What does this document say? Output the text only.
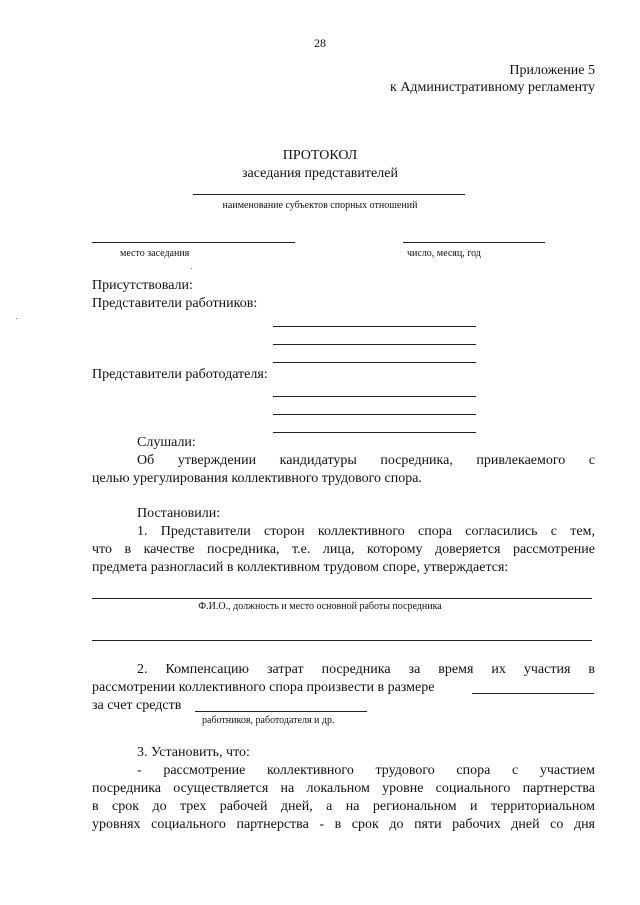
28
Приложение 5
к Административному регламенту
ПРОТОКОЛ
заседания представителей
наименование субъектов спорных отношений
место заседания	число, месяц, год
Присутствовали:
Представители работников:
Представители работодателя:
Слушали:
Об утверждении кандидатуры посредника, привлекаемого с
целью урегулирования коллективного трудового спора.
Постановили:
1. Представители сторон коллективного спора согласились с тем,
что в качестве посредника, т.е. лица, которому доверяется рассмотрение
предмета разногласий в коллективном трудовом споре, утверждается:
Ф.И.О., должность и место основной работы посредника
2. Компенсацию затрат посредника за время их участия в
рассмотрении коллективного спора произвести в размере
за счет средств
работников, работодателя и др.
3. Установить, что:
- рассмотрение коллективного трудового спора с участием
посредника осуществляется на локальном уровне социального партнерства
в срок до трех рабочей дней, а на региональном и территориальном
уровнях социального партнерства - в срок до пяти рабочих дней со дня
